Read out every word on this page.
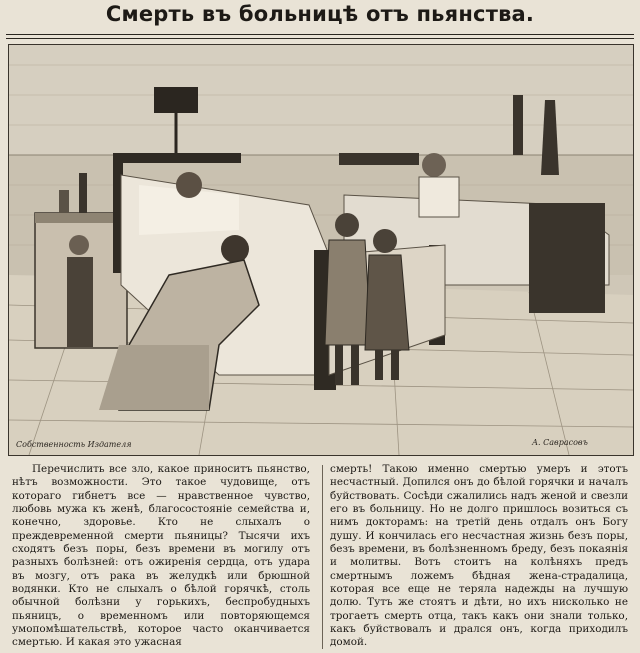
Смерть въ больницѣ отъ пьянства.
Собственность Издателя	А. Саврасовъ

Перечислить все зло, какое приноситъ пьянство, нѣтъ возможности. Это такое чудовище, отъ котораго гибнетъ все — нравственное чувство, любовь мужа къ женѣ, благосостояніе семейства и, конечно, здоровье. Кто не слыхалъ о преждевременной смерти пьяницы? Тысячи ихъ сходятъ безъ поры, безъ времени въ могилу отъ разныхъ болѣзней: отъ ожиренія сердца, отъ удара въ мозгу, отъ рака въ желудкѣ или брюшной водянки. Кто не слыхалъ о бѣлой горячкѣ, столь обычной болѣзни у горькихъ, беспробудныхъ пьяницъ, о временномъ или повторяющемся умопомѣшательствѣ, которое часто оканчивается смертью. И какая это ужасная

смерть! Такою именно смертью умеръ и этотъ несчастный. Допился онъ до бѣлой горячки и началъ буйствовать. Сосѣди сжалились надъ женой и свезли его въ больницу. Но не долго пришлось возиться съ нимъ докторамъ: на третій день отдалъ онъ Богу душу. И кончилась его несчастная жизнь безъ поры, безъ времени, въ болѣзненномъ бреду, безъ покаянія и молитвы. Вотъ стоитъ на колѣняхъ предъ смертнымъ ложемъ бѣдная жена-страдалица, которая все еще не теряла надежды на лучшую долю. Тутъ же стоятъ и дѣти, но ихъ нисколько не трогаетъ смерть отца, такъ какъ они знали только, какъ буйствовалъ и дрался онъ, когда приходилъ домой.
